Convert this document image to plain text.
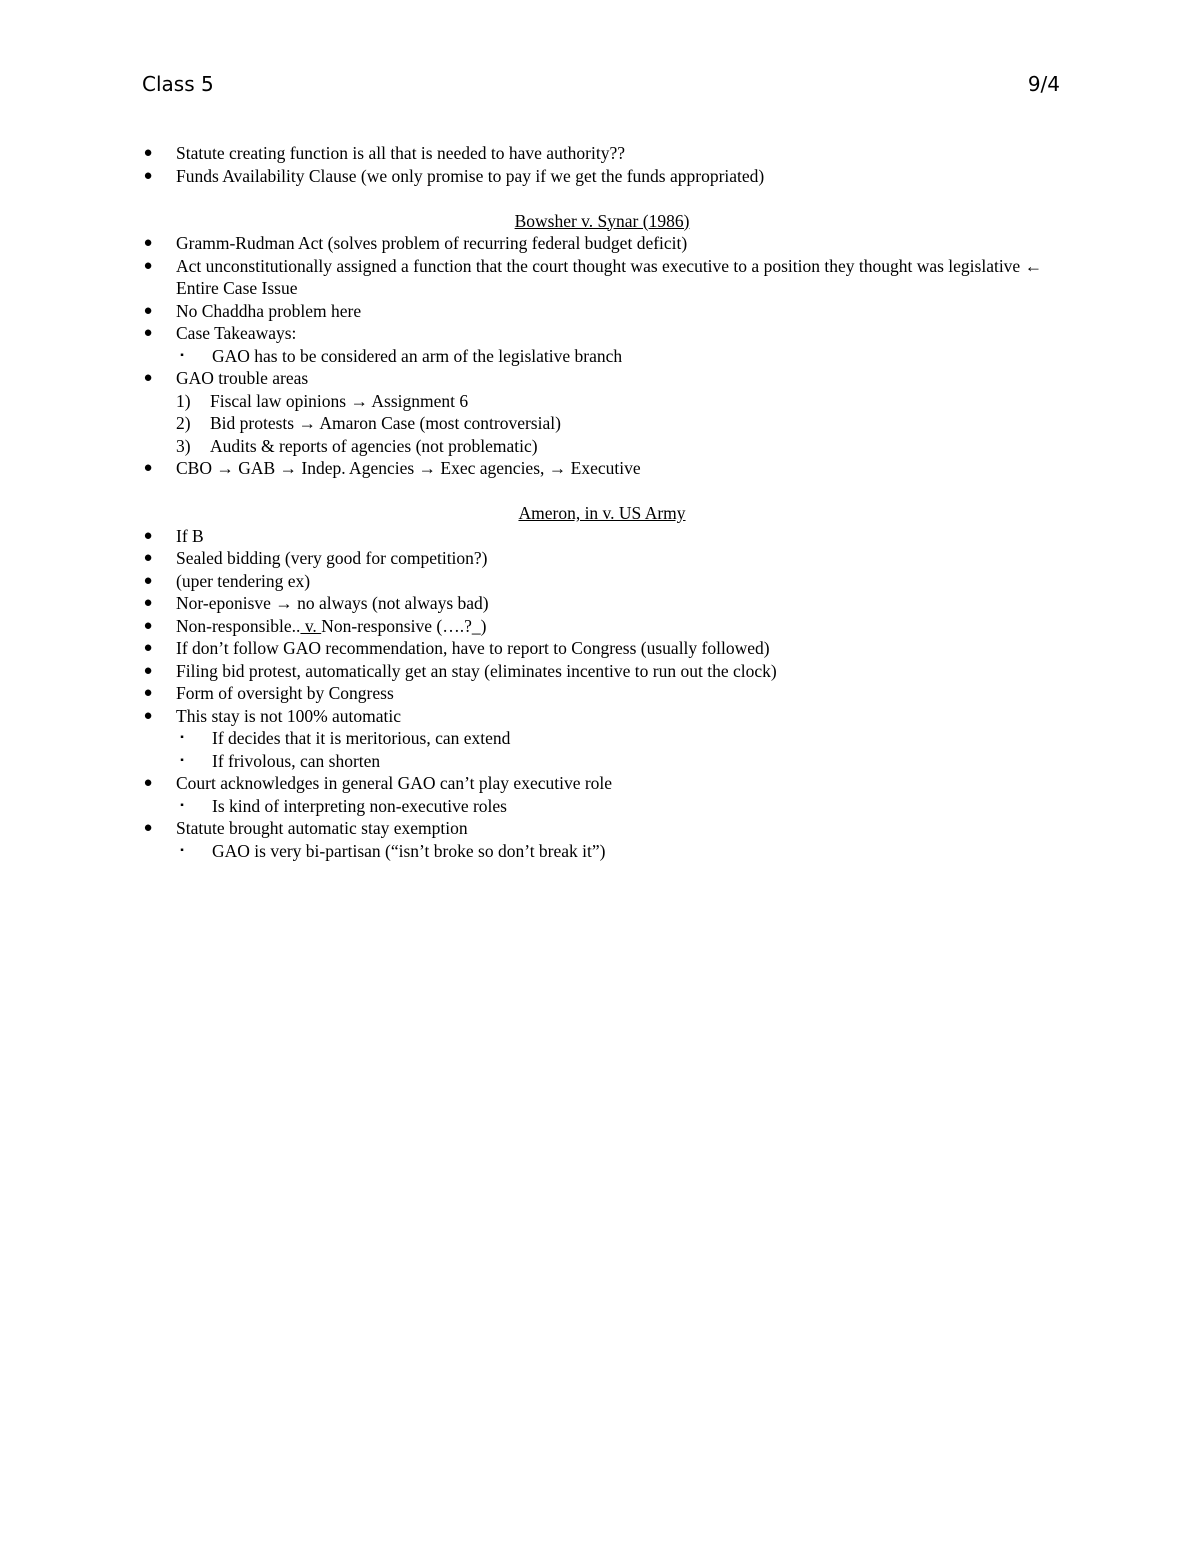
Class 5	9/4
● Statute creating function is all that is needed to have authority??
● Funds Availability Clause (we only promise to pay if we get the funds appropriated)
Bowsher v. Synar (1986)
● Gramm-Rudman Act (solves problem of recurring federal budget deficit)
● Act unconstitutionally assigned a function that the court thought was executive to a position they thought was legislative ← Entire Case Issue
● No Chaddha problem here
● Case Takeaways:
▪ GAO has to be considered an arm of the legislative branch
● GAO trouble areas
1) Fiscal law opinions → Assignment 6
2) Bid protests → Amaron Case (most controversial)
3) Audits & reports of agencies (not problematic)
● CBO → GAB → Indep. Agencies → Exec agencies, → Executive
Ameron, in v. US Army
● If B
● Sealed bidding (very good for competition?)
● (uper tendering ex)
● Nor-eponisve → no always (not always bad)
● Non-responsible.. v. Non-responsive (….?_)
● If don’t follow GAO recommendation, have to report to Congress (usually followed)
● Filing bid protest, automatically get an stay (eliminates incentive to run out the clock)
● Form of oversight by Congress
● This stay is not 100% automatic
▪ If decides that it is meritorious, can extend
▪ If frivolous, can shorten
● Court acknowledges in general GAO can’t play executive role
▪ Is kind of interpreting non-executive roles
● Statute brought automatic stay exemption
▪ GAO is very bi-partisan (“isn’t broke so don’t break it”)
